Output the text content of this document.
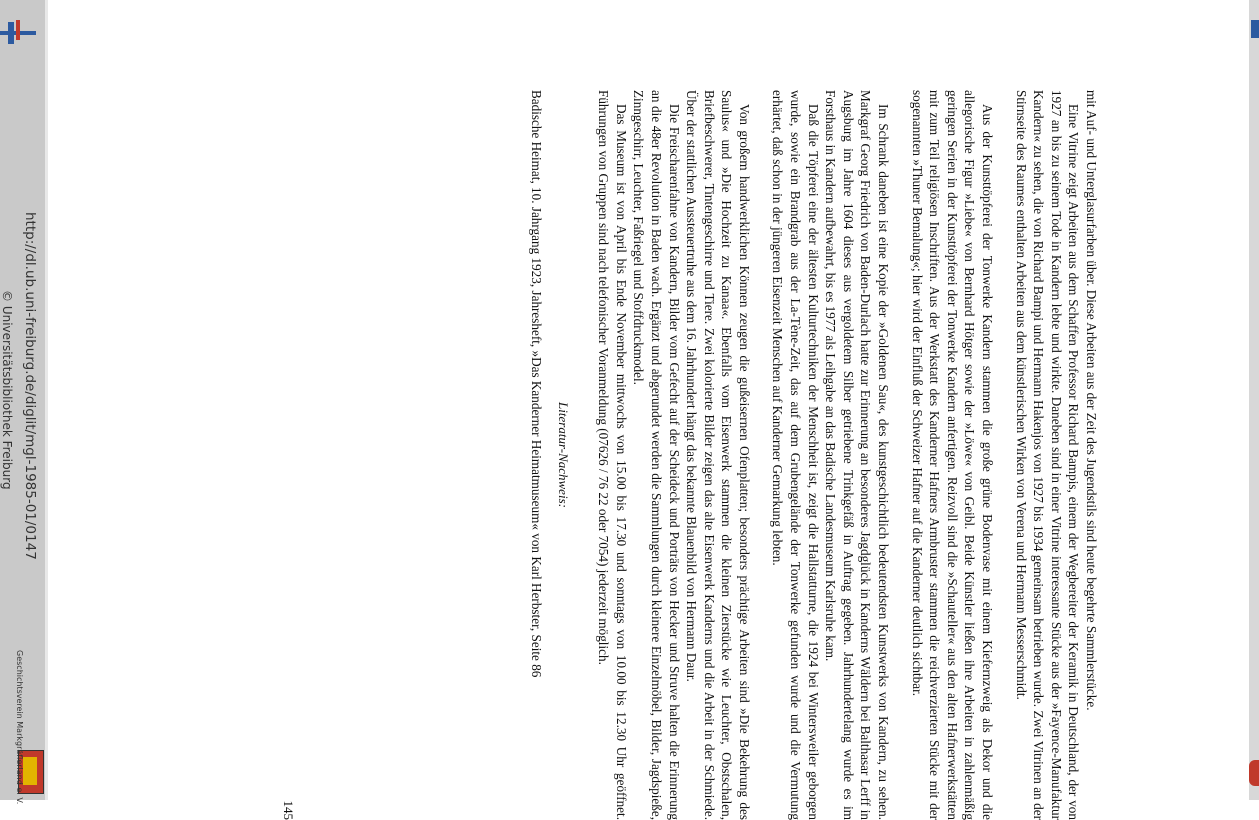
http://dl.ub.uni-freiburg.de/diglit/mgl-1985-01/0147
© Universitätsbibliothek Freiburg
Geschichtsverein Markgräflerland e. V.

mit Auf- und Unterglasurfarben über. Diese Arbeiten aus der Zeit des Jugendstils sind heute begehrte Sammlerstücke.

Eine Vitrine zeigt Arbeiten aus dem Schaffen Professor Richard Bampis, einem der Wegbereiter der Keramik in Deutschland, der von 1927 an bis zu seinem Tode in Kandern lebte und wirkte. Daneben sind in einer Vitrine interessante Stücke aus der »Fayence-Manufaktur Kandern« zu sehen, die von Richard Bampi und Hermann Hakenjos von 1927 bis 1934 gemeinsam betrieben wurde. Zwei Vitrinen an der Stirnseite des Raumes enthalten Arbeiten aus dem künstlerischen Wirken von Verena und Hermann Messerschmidt.

Aus der Kunsttöpferei der Tonwerke Kandern stammen die große grüne Bodenvase mit einem Kiefernzweig als Dekor und die allegorische Figur »Liebe« von Bernhard Hötger sowie der »Löwe« von Geibl. Beide Künstler ließen ihre Arbeiten in zahlenmäßig geringen Serien in der Kunsttöpferei der Tonwerke Kandern anfertigen. Reizvoll sind die »Schauteller« aus den alten Hafnerwerkstätten mit zum Teil religiösen Inschriften. Aus der Werkstatt des Kanderner Hafners Armbruster stammen die reichverzierten Stücke mit der sogenannten »Thuner Bemalung«; hier wird der Einfluß der Schweizer Hafner auf die Kanderner deutlich sichtbar.

Im Schrank daneben ist eine Kopie der »Goldenen Sau«, des kunstgeschichtlich bedeutendsten Kunstwerks von Kandern, zu sehen. Markgraf Georg Friedrich von Baden-Durlach hatte zur Erinnerung an besonderes Jagdglück in Kanderns Wäldern bei Balthasar Lerff in Augsburg im Jahre 1604 dieses aus vergoldetem Silber getriebene Trinkgefäß in Auftrag gegeben. Jahrhundertelang wurde es im Forsthaus in Kandern aufbewahrt, bis es 1977 als Leihgabe an das Badische Landesmuseum Karlsruhe kam.

Daß die Töpferei eine der ältesten Kulturtechniken der Menschheit ist, zeigt die Hallstatturne, die 1924 bei Wintersweiler geborgen wurde, sowie ein Brandgrab aus der La-Tène-Zeit, das auf dem Grubengelände der Tonwerke gefunden wurde und die Vermutung erhärtet, daß schon in der jüngeren Eisenzeit Menschen auf Kanderner Gemarkung lebten.

Von großem handwerklichen Können zeugen die gußeisernen Ofenplatten; besonders prächtige Arbeiten sind »Die Bekehrung des Saulus« und »Die Hochzeit zu Kanaa«. Ebenfalls vom Eisenwerk stammen die kleinen Zierstücke wie Leuchter, Obstschalen, Briefbeschwerer, Tintengeschirre und Tiere. Zwei kolorierte Bilder zeigen das alte Eisenwerk Kanderns und die Arbeit in der Schmiede. Über der stattlichen Aussteuertruhe aus dem 16. Jahrhundert hängt das bekannte Blauenbild von Hermann Daur.

Die Freischarenfahne von Kandern, Bilder vom Gefecht auf der Scheideck und Porträts von Hecker und Struve halten die Erinnerung an die 48er Revolution in Baden wach. Ergänzt und abgerundet werden die Sammlungen durch kleinere Einzelmöbel, Bilder, Jagdspieße, Zinngeschirr, Leuchter, Faßriegel und Stoffdruckmodel.

Das Museum ist von April bis Ende November mittwochs von 15.00 bis 17.30 und sonntags von 10.00 bis 12.30 Uhr geöffnet. Führungen von Gruppen sind nach telefonischer Voranmeldung (07626 / 76 22 oder 7054) jederzeit möglich.

Literatur-Nachweis:

Badische Heimat, 10. Jahrgang 1923, Jahresheft, »Das Kanderner Heimatmuseum« von Karl Herbster, Seite 86

145
